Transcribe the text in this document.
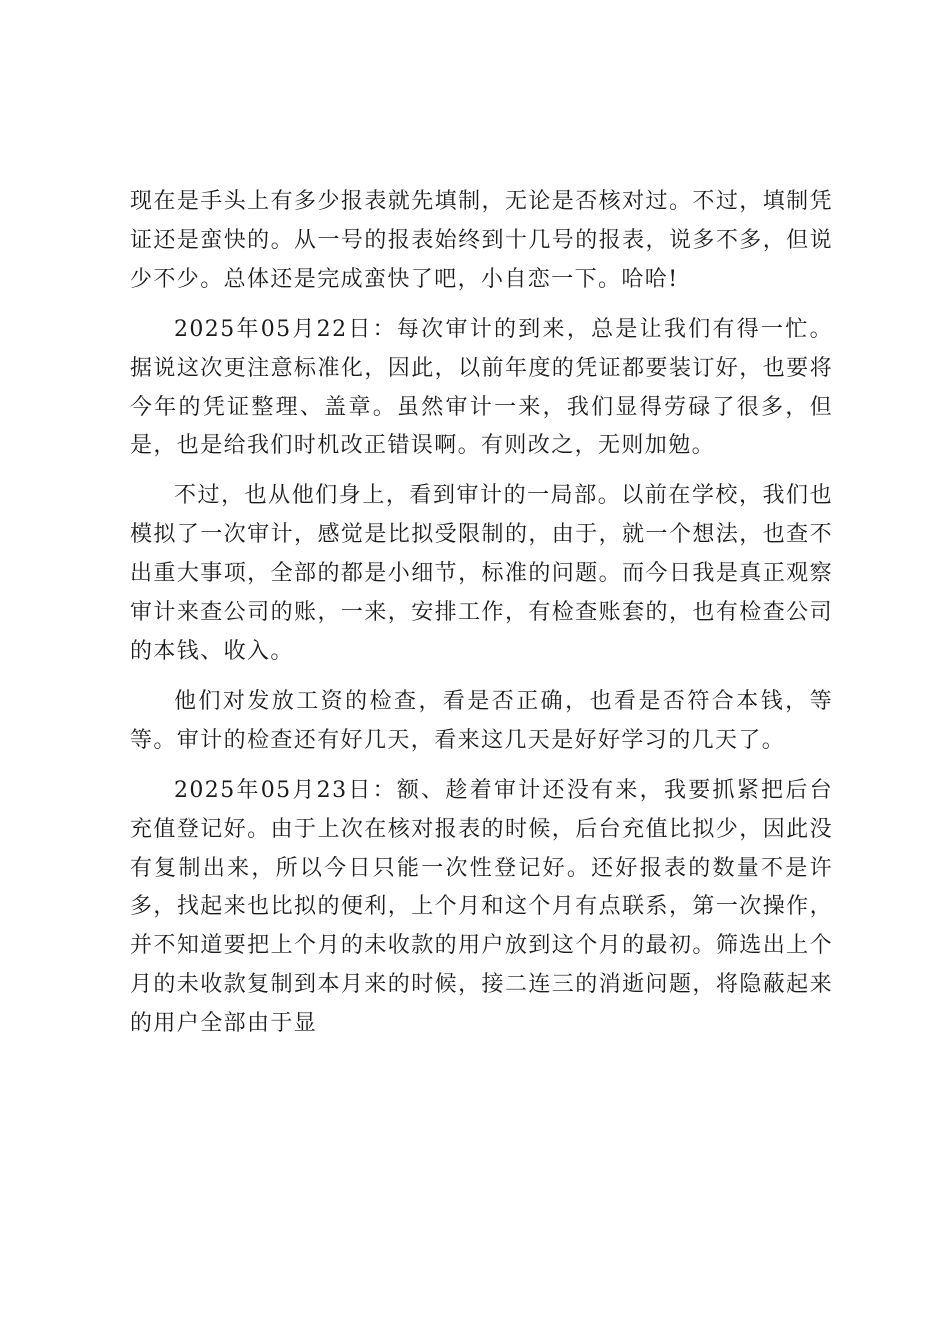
现在是手头上有多少报表就先填制，无论是否核对过。不过，填制凭证还是蛮快的。从一号的报表始终到十几号的报表，说多不多，但说少不少。总体还是完成蛮快了吧，小自恋一下。哈哈!

2025年05月22日：每次审计的到来，总是让我们有得一忙。据说这次更注意标准化，因此，以前年度的凭证都要装订好，也要将今年的凭证整理、盖章。虽然审计一来，我们显得劳碌了很多，但是，也是给我们时机改正错误啊。有则改之，无则加勉。

不过，也从他们身上，看到审计的一局部。以前在学校，我们也模拟了一次审计，感觉是比拟受限制的，由于，就一个想法，也查不出重大事项，全部的都是小细节，标准的问题。而今日我是真正观察审计来查公司的账，一来，安排工作，有检查账套的，也有检查公司的本钱、收入。

他们对发放工资的检查，看是否正确，也看是否符合本钱，等等。审计的检查还有好几天，看来这几天是好好学习的几天了。

2025年05月23日：额、趁着审计还没有来，我要抓紧把后台充值登记好。由于上次在核对报表的时候，后台充值比拟少，因此没有复制出来，所以今日只能一次性登记好。还好报表的数量不是许多，找起来也比拟的便利，上个月和这个月有点联系，第一次操作，并不知道要把上个月的未收款的用户放到这个月的最初。筛选出上个月的未收款复制到本月来的时候，接二连三的消逝问题，将隐蔽起来的用户全部由于显
